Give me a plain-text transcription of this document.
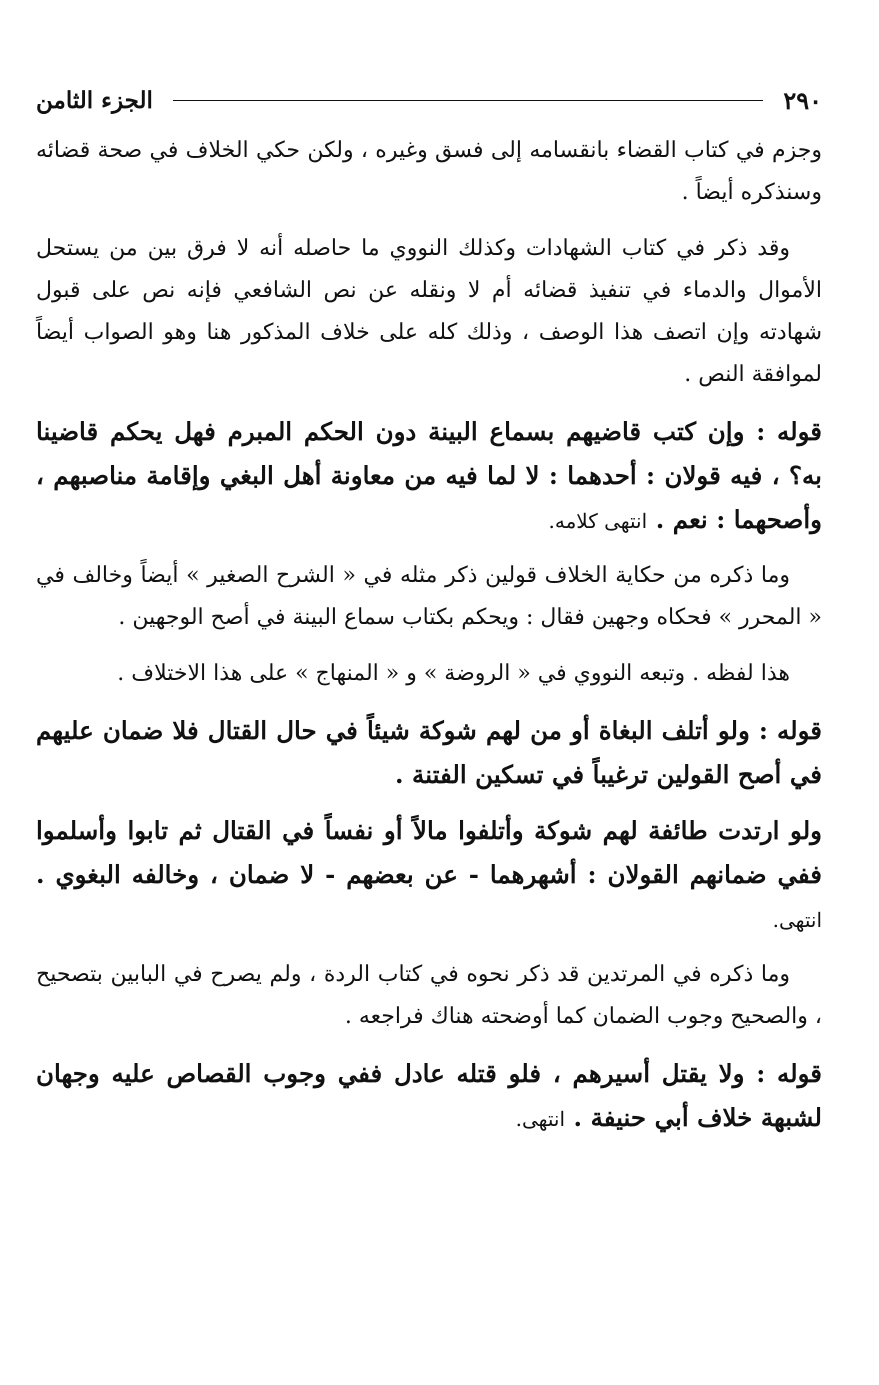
٢٩٠
الجزء الثامن

وجزم في كتاب القضاء بانقسامه إلى فسق وغيره ، ولكن حكي الخلاف في صحة قضائه وسنذكره أيضاً .

وقد ذكر في كتاب الشهادات وكذلك النووي ما حاصله أنه لا فرق بين من يستحل الأموال والدماء في تنفيذ قضائه أم لا ونقله عن نص الشافعي فإنه نص على قبول شهادته وإن اتصف هذا الوصف ، وذلك كله على خلاف المذكور هنا وهو الصواب أيضاً لموافقة النص .

قوله : وإن كتب قاضيهم بسماع البينة دون الحكم المبرم فهل يحكم قاضينا به؟ ، فيه قولان : أحدهما : لا لما فيه من معاونة أهل البغي وإقامة مناصبهم ، وأصحهما : نعم . انتهى كلامه.

وما ذكره من حكاية الخلاف قولين ذكر مثله في « الشرح الصغير » أيضاً وخالف في « المحرر » فحكاه وجهين فقال : ويحكم بكتاب سماع البينة في أصح الوجهين .

هذا لفظه . وتبعه النووي في « الروضة » و « المنهاج » على هذا الاختلاف .

قوله : ولو أتلف البغاة أو من لهم شوكة شيئاً في حال القتال فلا ضمان عليهم في أصح القولين ترغيباً في تسكين الفتنة .

ولو ارتدت طائفة لهم شوكة وأتلفوا مالاً أو نفساً في القتال ثم تابوا وأسلموا ففي ضمانهم القولان : أشهرهما - عن بعضهم - لا ضمان ، وخالفه البغوي . انتهى.

وما ذكره في المرتدين قد ذكر نحوه في كتاب الردة ، ولم يصرح في البابين بتصحيح ، والصحيح وجوب الضمان كما أوضحته هناك فراجعه .

قوله : ولا يقتل أسيرهم ، فلو قتله عادل ففي وجوب القصاص عليه وجهان لشبهة خلاف أبي حنيفة . انتهى.
